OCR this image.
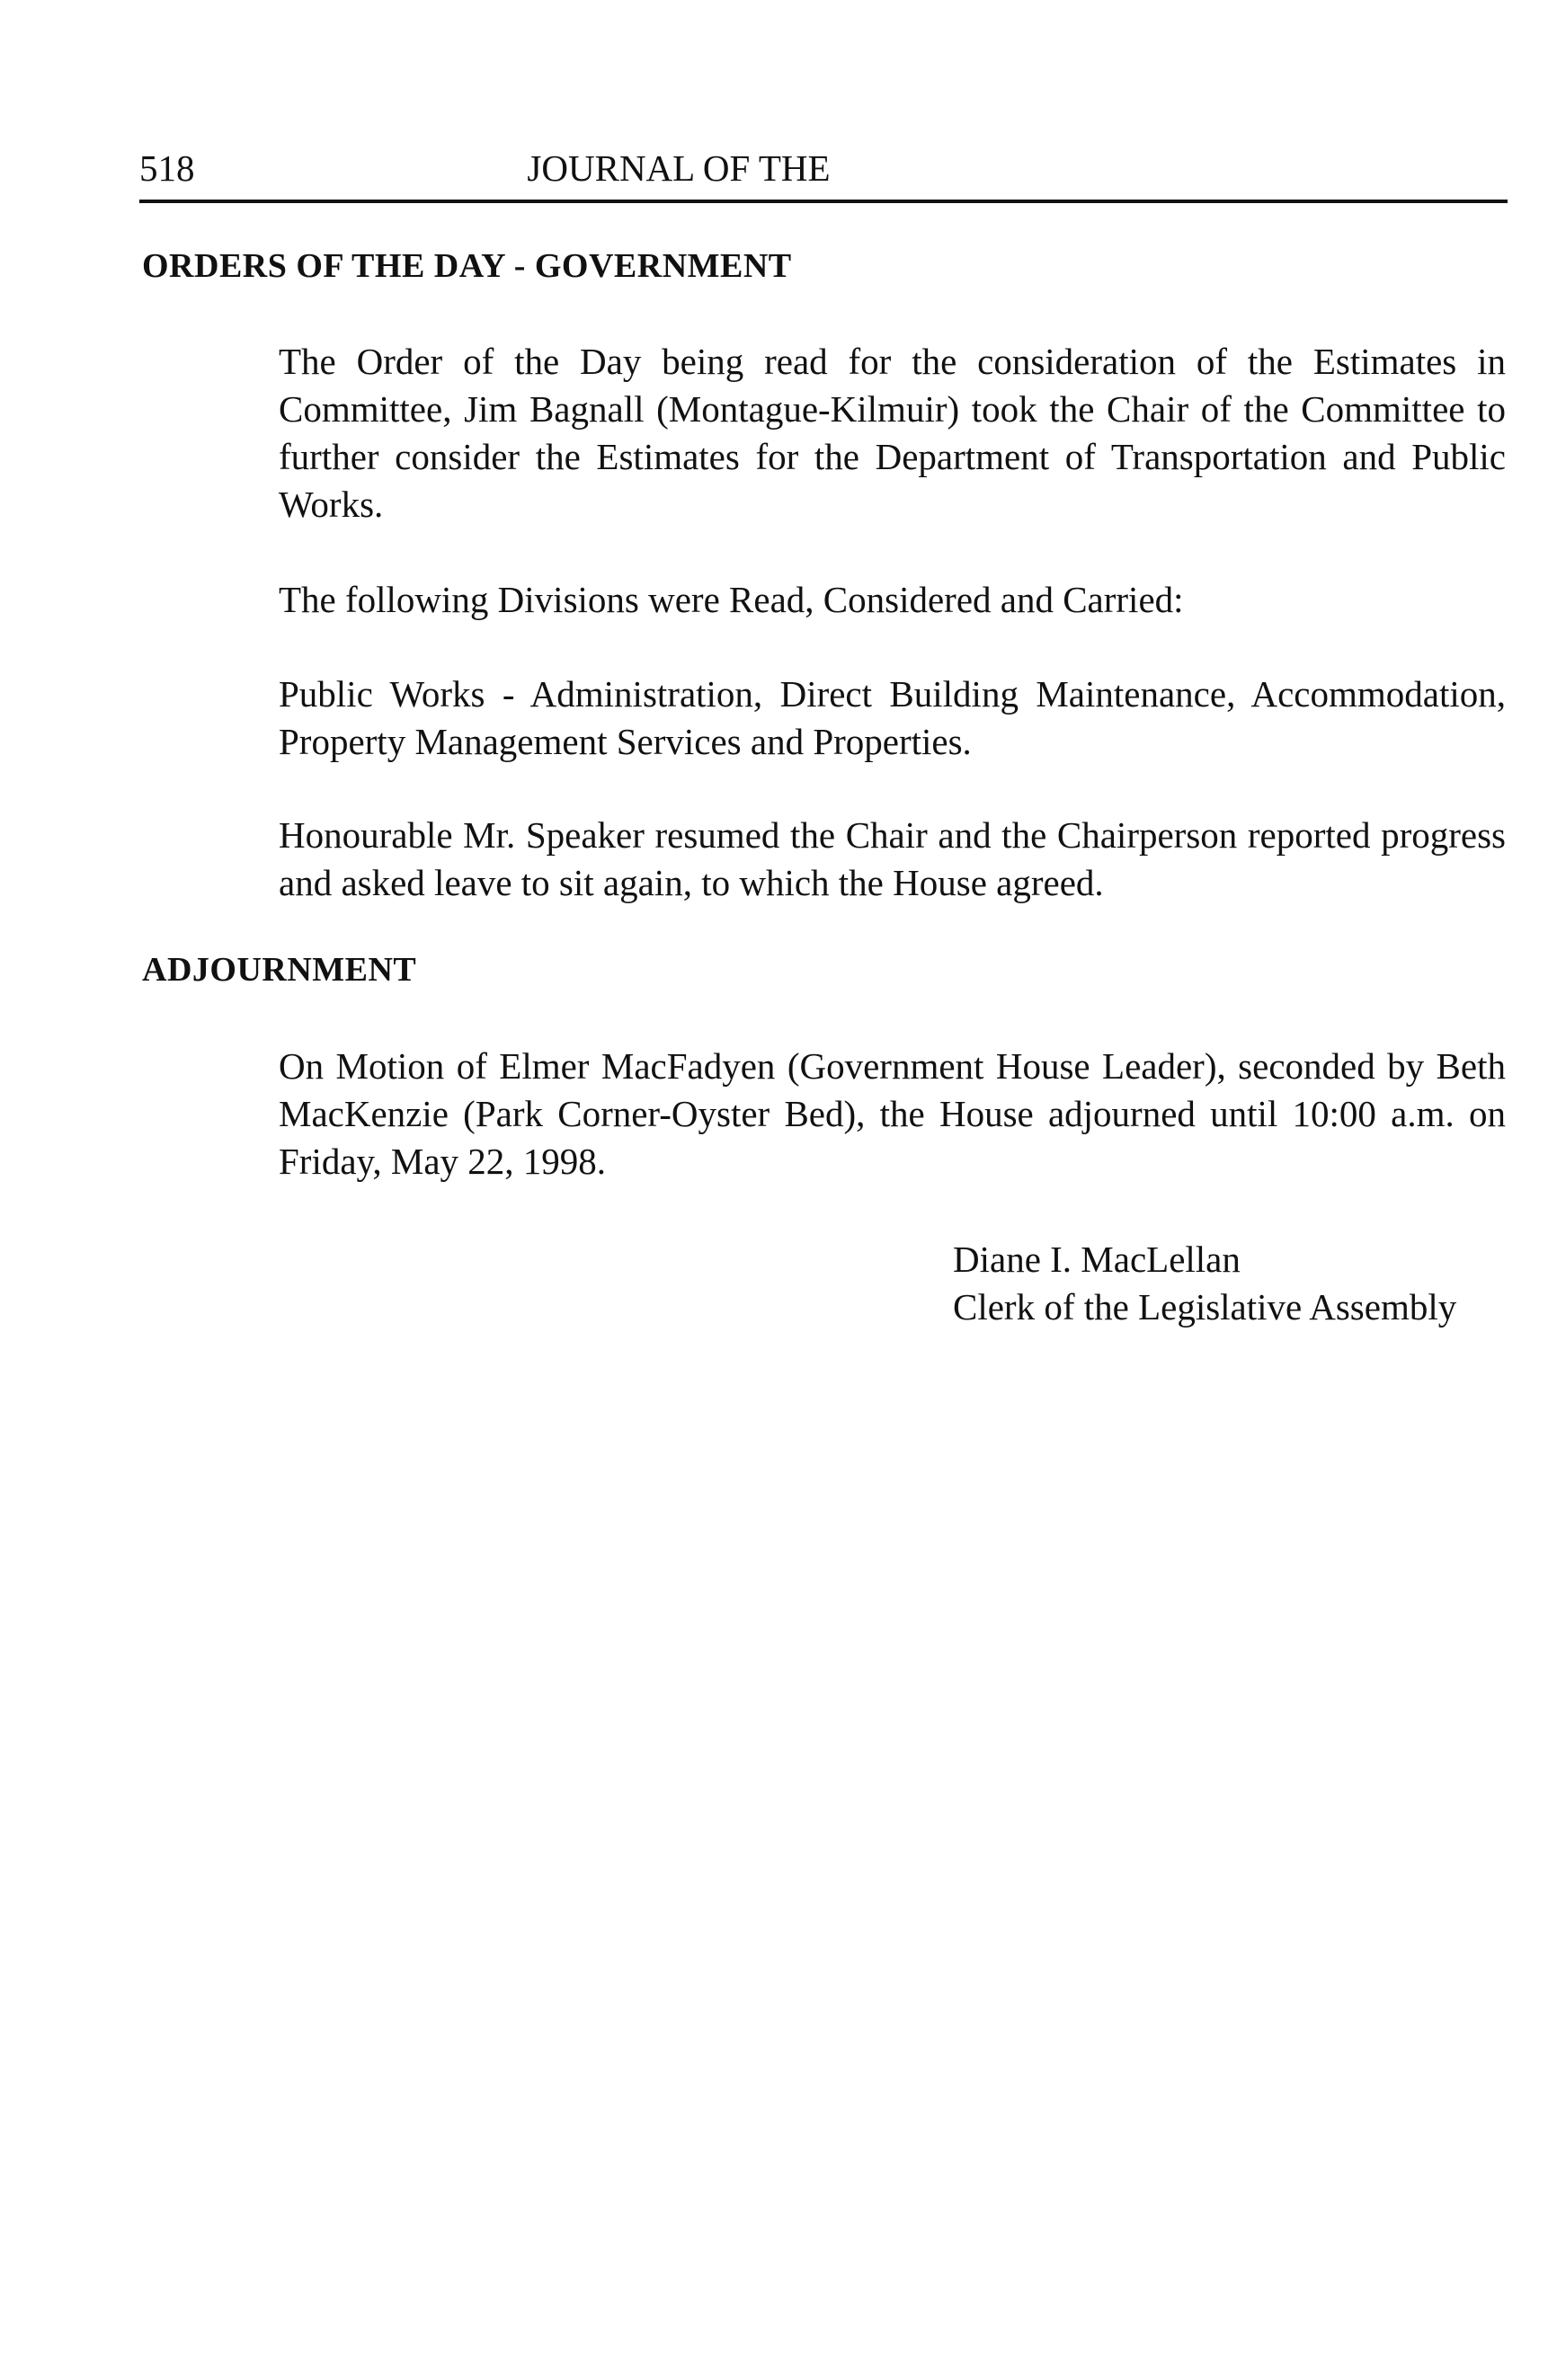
518	JOURNAL OF THE
ORDERS OF THE DAY - GOVERNMENT

The Order of the Day being read for the consideration of the Estimates in Committee, Jim Bagnall (Montague-Kilmuir) took the Chair of the Committee to further consider the Estimates for the Department of Transportation and Public Works.

The following Divisions were Read, Considered and Carried:

Public Works - Administration, Direct Building Maintenance, Accommodation, Property Management Services and Properties.

Honourable Mr. Speaker resumed the Chair and the Chairperson reported progress and asked leave to sit again, to which the House agreed.

ADJOURNMENT

On Motion of Elmer MacFadyen (Government House Leader), seconded by Beth MacKenzie (Park Corner-Oyster Bed), the House adjourned until 10:00 a.m. on Friday, May 22, 1998.

Diane I. MacLellan
Clerk of the Legislative Assembly
